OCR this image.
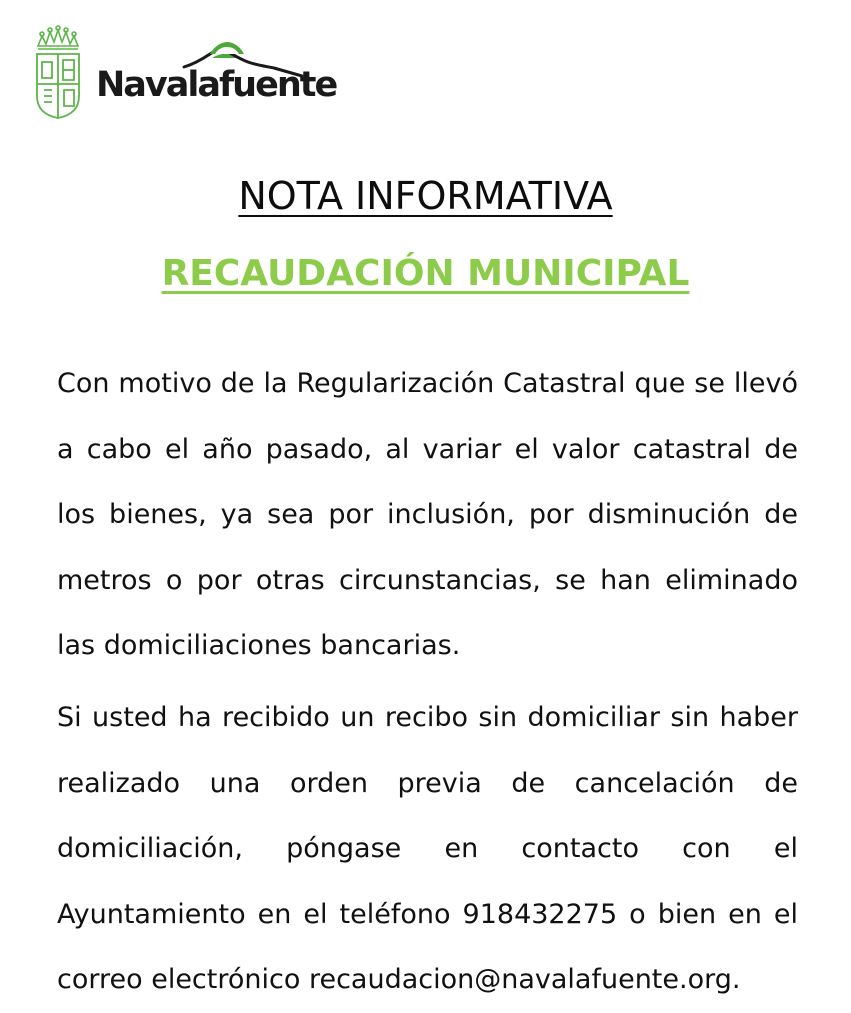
Navalafuente
NOTA INFORMATIVA
RECAUDACIÓN MUNICIPAL

Con motivo de la Regularización Catastral que se llevó a cabo el año pasado, al variar el valor catastral de los bienes, ya sea por inclusión, por disminución de metros o por otras circunstancias, se han eliminado las domiciliaciones bancarias.

Si usted ha recibido un recibo sin domiciliar sin haber realizado una orden previa de cancelación de domiciliación, póngase en contacto con el Ayuntamiento en el teléfono 918432275 o bien en el correo electrónico recaudacion@navalafuente.org.
